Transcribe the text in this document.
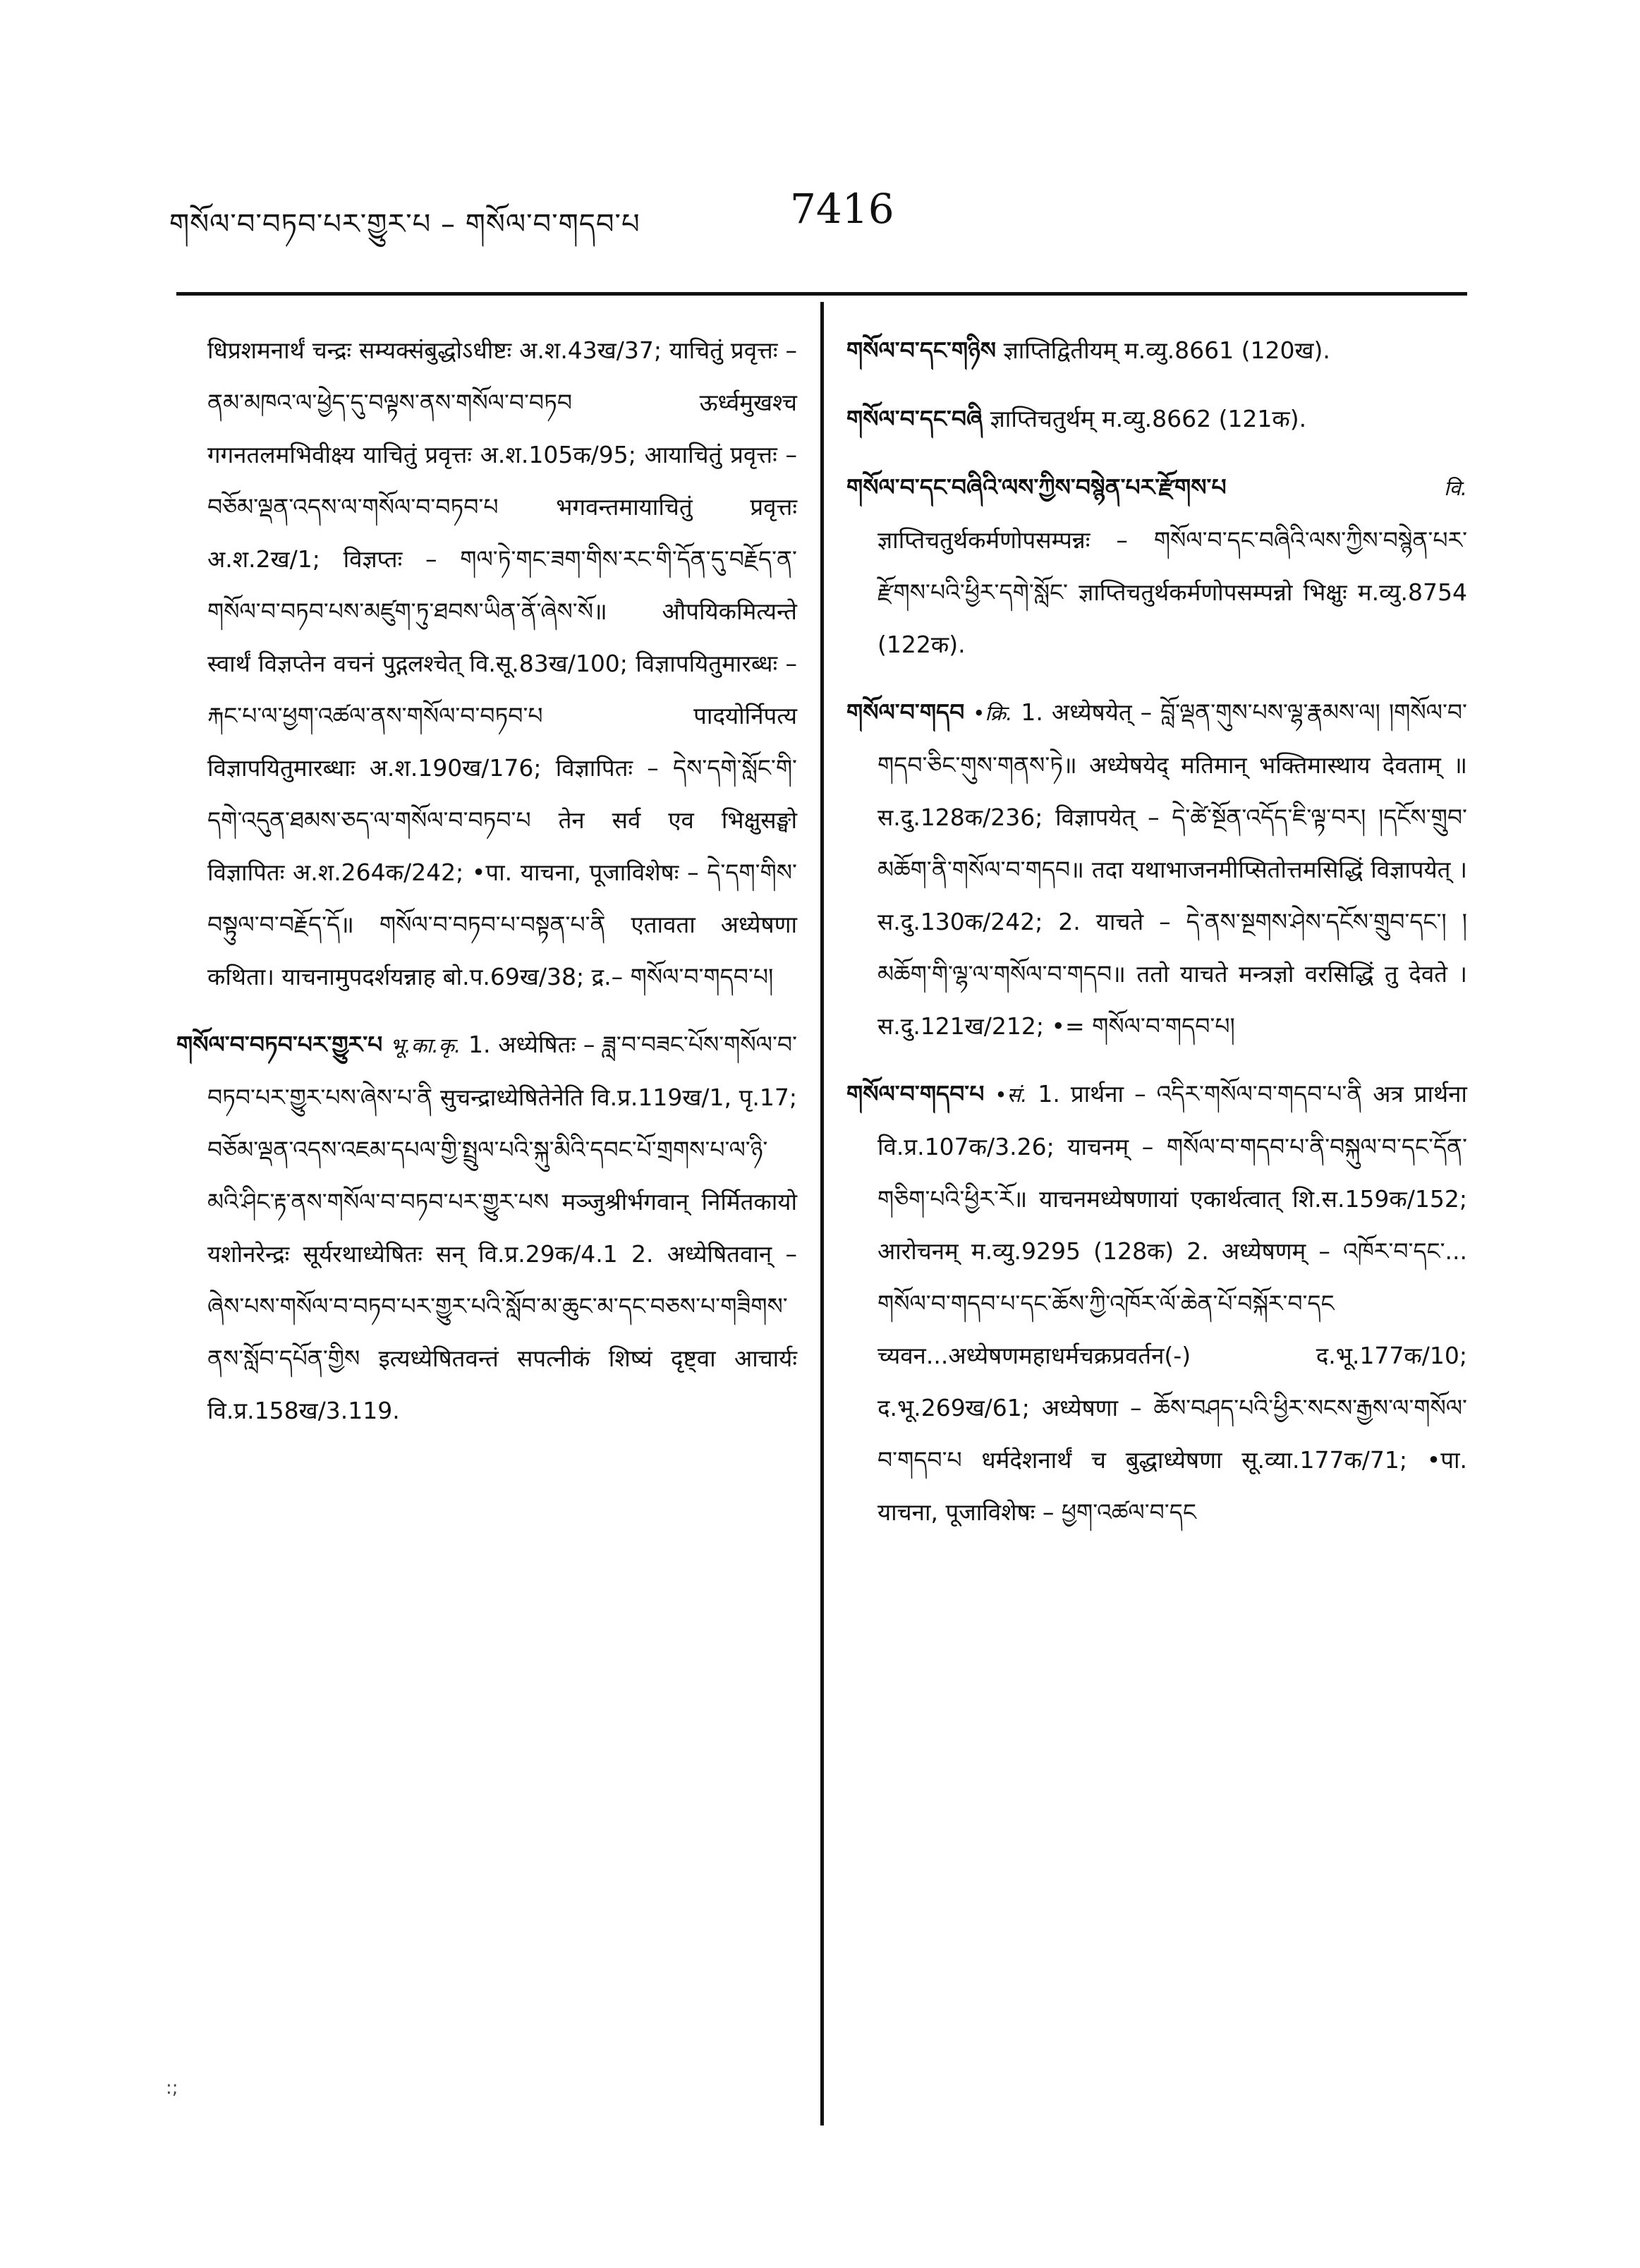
གསོལ་བ་བཏབ་པར་གྱུར་པ – གསོལ་བ་གདབ་པ	7416

धिप्रशमनार्थं चन्द्रः सम्यक्संबुद्धोऽधीष्टः अ.श.43ख/37; याचितुं प्रवृत्तः – ནམ་མཁའ་ལ་ཕྱེད་དུ་བལྟས་ནས་གསོལ་བ་བཏབ ऊर्ध्वमुखश्च गगनतलमभिवीक्ष्य याचितुं प्रवृत्तः अ.श.105क/95; आयाचितुं प्रवृत्तः – བཅོམ་ལྡན་འདས་ལ་གསོལ་བ་བཏབ་པ भगवन्तमायाचितुं प्रवृत्तः अ.श.2ख/1; विज्ञप्तः – གལ་ཏེ་གང་ཟག་གིས་རང་གི་དོན་དུ་བརྗོད་ན་གསོལ་བ་བཏབ་པས་མཛུག་ཏུ་ཐབས་ཡིན་ནོ་ཞེས་སོ॥ औपयिकमित्यन्ते स्वार्थं विज्ञप्तेन वचनं पुद्गलश्चेत् वि.सू.83ख/100; विज्ञापयितुमारब्धः – རྐང་པ་ལ་ཕྱག་འཚལ་ནས་གསོལ་བ་བཏབ་པ पादयोर्निपत्य विज्ञापयितुमारब्धाः अ.श.190ख/176; विज्ञापितः – དེས་དགེ་སློང་གི་དགེ་འདུན་ཐམས་ཅད་ལ་གསོལ་བ་བཏབ་པ तेन सर्व एव भिक्षुसङ्घो विज्ञापितः अ.श.264क/242; •पा. याचना, पूजाविशेषः – དེ་དག་གིས་བསྟུལ་བ་བརྗོད་དོ॥ གསོལ་བ་བཏབ་པ་བསྟན་པ་ནི एतावता अध्येषणा कथिता। याचनामुपदर्शयन्नाह बो.प.69ख/38; द्र.– གསོལ་བ་གདབ་པ།

གསོལ་བ་བཏབ་པར་གྱུར་པ भू.का.कृ. 1. अध्येषितः – ཟླ་བ་བཟང་པོས་གསོལ་བ་བཏབ་པར་གྱུར་པས་ཞེས་པ་ནི सुचन्द्राध्येषितेनेति वि.प्र.119ख/1, पृ.17; བཅོམ་ལྡན་འདས་འཇམ་དཔལ་གྱི་སྤྲུལ་པའི་སྐུ་མིའི་དབང་པོ་གྲགས་པ་ལ་ཉི་མའི་ཤིང་རྟ་ནས་གསོལ་བ་བཏབ་པར་གྱུར་པས मञ्जुश्रीर्भगवान् निर्मितकायो यशोनरेन्द्रः सूर्यरथाध्येषितः सन् वि.प्र.29क/4.1 2. अध्येषितवान् – ཞེས་པས་གསོལ་བ་བཏབ་པར་གྱུར་པའི་སློབ་མ་ཆུང་མ་དང་བཅས་པ་གཟིགས་ནས་སློབ་དཔོན་གྱིས इत्यध्येषितवन्तं सपत्नीकं शिष्यं दृष्ट्वा आचार्यः वि.प्र.158ख/3.119.

གསོལ་བ་དང་གཉིས ज्ञाप्तिद्वितीयम् म.व्यु.8661 (120ख).

གསོལ་བ་དང་བཞི ज्ञाप्तिचतुर्थम् म.व्यु.8662 (121क).

གསོལ་བ་དང་བཞིའི་ལས་ཀྱིས་བསྙེན་པར་རྫོགས་པ	वि. ज्ञाप्तिचतुर्थकर्मणोपसम्पन्नः – གསོལ་བ་དང་བཞིའི་ལས་ཀྱིས་བསྙེན་པར་རྫོགས་པའི་ཕྱིར་དགེ་སློང་ ज्ञाप्तिचतुर्थकर्मणोपसम्पन्नो भिक्षुः म.व्यु.8754 (122क).

གསོལ་བ་གདབ •क्रि. 1. अध्येषयेत् – བློ་ལྡན་གུས་པས་ལྷ་རྣམས་ལ། །གསོལ་བ་གདབ་ཅིང་གུས་གནས་ཏེ॥ अध्येषयेद् मतिमान् भक्तिमास्थाय देवताम् ॥ स.दु.128क/236; विज्ञापयेत् – དེ་ཚེ་སྔོན་འདོད་ཇི་ལྟ་བར། །དངོས་གྲུབ་མཆོག་ནི་གསོལ་བ་གདབ॥ तदा यथाभाजनमीप्सितोत्तमसिद्धिं विज्ञापयेत् । स.दु.130क/242; 2. याचते – དེ་ནས་སྔགས་ཤེས་དངོས་གྲུབ་དང་། །མཆོག་གི་ལྷ་ལ་གསོལ་བ་གདབ॥ ततो याचते मन्त्रज्ञो वरसिद्धिं तु देवते । स.दु.121ख/212; •= གསོལ་བ་གདབ་པ།

གསོལ་བ་གདབ་པ •सं. 1. प्रार्थना – འདིར་གསོལ་བ་གདབ་པ་ནི अत्र प्रार्थना वि.प्र.107क/3.26; याचनम् – གསོལ་བ་གདབ་པ་ནི་བསྐུལ་བ་དང་དོན་གཅིག་པའི་ཕྱིར་རོ॥ याचनमध्येषणायां एकार्थत्वात् शि.स.159क/152; आरोचनम् म.व्यु.9295 (128क) 2. अध्येषणम् – འཁོར་བ་དང་... གསོལ་བ་གདབ་པ་དང་ཆོས་ཀྱི་འཁོར་ལོ་ཆེན་པོ་བསྐོར་བ་དང च्यवन...अध्येषणमहाधर्मचक्रप्रवर्तन(-) द.भू.177क/10; द.भू.269ख/61; अध्येषणा – ཆོས་བཤད་པའི་ཕྱིར་སངས་རྒྱས་ལ་གསོལ་བ་གདབ་པ धर्मदेशनार्थं च बुद्धाध्येषणा सू.व्या.177क/71; •पा. याचना, पूजाविशेषः – ཕྱག་འཚལ་བ་དང

:;
